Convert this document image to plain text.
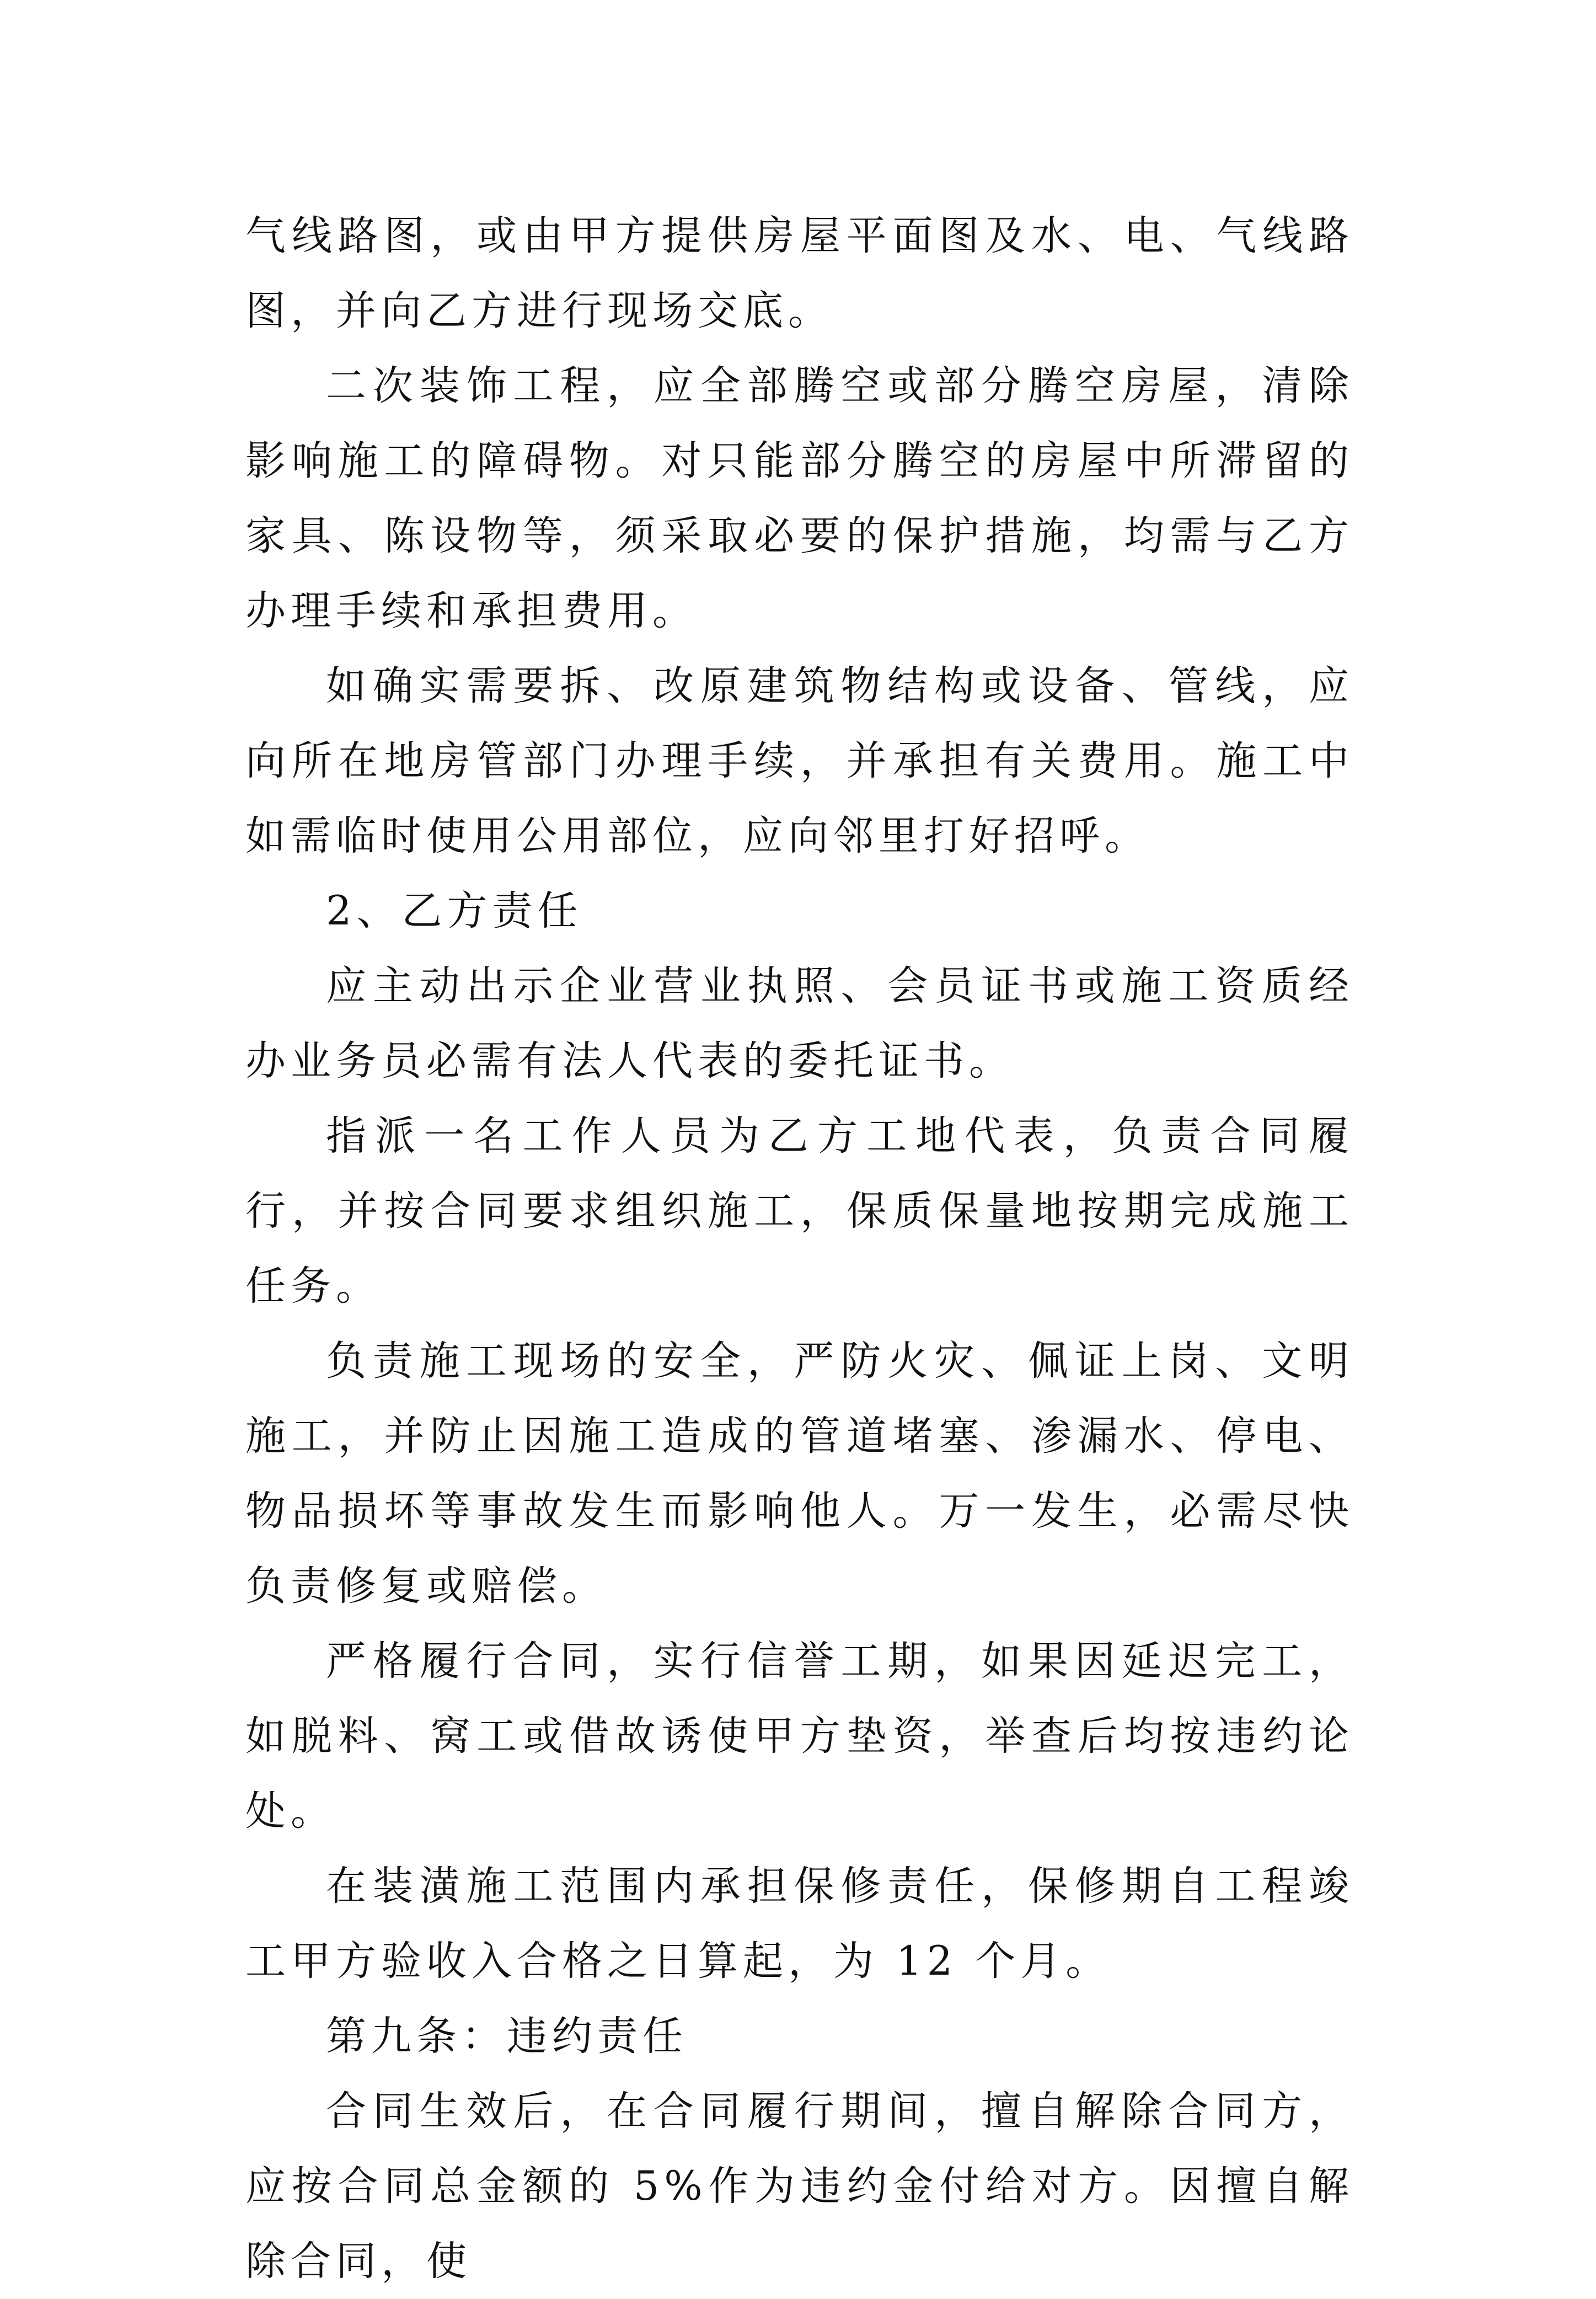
气线路图，或由甲方提供房屋平面图及水、电、气线路图，并向乙方进行现场交底。

二次装饰工程，应全部腾空或部分腾空房屋，清除影响施工的障碍物。对只能部分腾空的房屋中所滞留的家具、陈设物等，须采取必要的保护措施，均需与乙方办理手续和承担费用。

如确实需要拆、改原建筑物结构或设备、管线，应向所在地房管部门办理手续，并承担有关费用。施工中如需临时使用公用部位，应向邻里打好招呼。

2、乙方责任

应主动出示企业营业执照、会员证书或施工资质经办业务员必需有法人代表的委托证书。

指派一名工作人员为乙方工地代表，负责合同履行，并按合同要求组织施工，保质保量地按期完成施工任务。

负责施工现场的安全，严防火灾、佩证上岗、文明施工，并防止因施工造成的管道堵塞、渗漏水、停电、物品损坏等事故发生而影响他人。万一发生，必需尽快负责修复或赔偿。

严格履行合同，实行信誉工期，如果因延迟完工，如脱料、窝工或借故诱使甲方垫资，举查后均按违约论处。

在装潢施工范围内承担保修责任，保修期自工程竣工甲方验收入合格之日算起，为 12 个月。

第九条：违约责任

合同生效后，在合同履行期间，擅自解除合同方，应按合同总金额的 5%作为违约金付给对方。因擅自解除合同，使
